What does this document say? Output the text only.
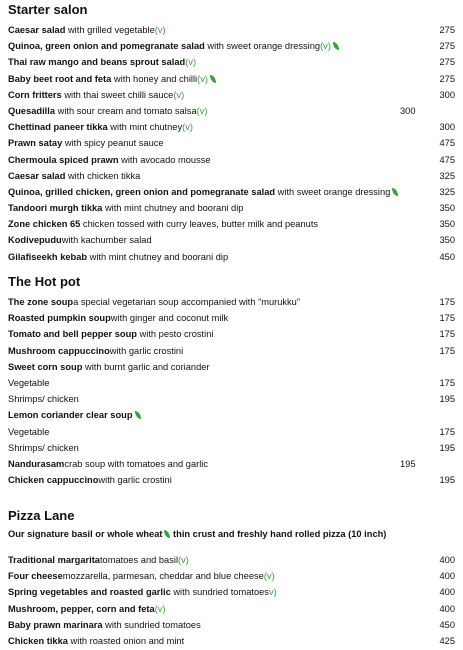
Starter salon
Caesar salad with grilled vegetable(v)	275
Quinoa, green onion and pomegranate salad with sweet orange dressing(v)	275
Thai raw mango and beans sprout salad(v)	275
Baby beet root and feta with honey and chilli(v)	275
Corn fritters with thai sweet chilli sauce(v)	300
Quesadilla with sour cream and tomato salsa(v)	300
Chettinad paneer tikka with mint chutney(v)	300
Prawn satay with spicy peanut sauce	475
Chermoula spiced prawn with avocado mousse	475
Caesar salad with chicken tikka	325
Quinoa, grilled chicken, green onion and pomegranate salad with sweet orange dressing	325
Tandoori murgh tikka with mint chutney and boorani dip	350
Zone chicken 65 chicken tossed with curry leaves, butter milk and peanuts	350
Kodivepuduwith kachumber salad	350
Gilafiseekh kebab with mint chutney and boorani dip	450
The Hot pot
The zone soupa special vegetarian soup accompanied with “murukku”	175
Roasted pumpkin soupwith ginger and coconut milk	175
Tomato and bell pepper soup with pesto crostini	175
Mushroom cappuccinowith garlic crostini	175
Sweet corn soup with burnt garlic and coriander
Vegetable	175
Shrimps/ chicken	195
Lemon coriander clear soup
Vegetable	175
Shrimps/ chicken	195
Nandurasamcrab soup with tomatoes and garlic	195
Chicken cappuccinowith garlic crostini	195
Pizza Lane
Our signature basil or whole wheat thin crust and freshly hand rolled pizza (10 inch)
Traditional margaritatomatoes and basil(v)	400
Four cheesemozzarella, parmesan, cheddar and blue cheese(v)	400
Spring vegetables and roasted garlic with sundried tomatoesv)	400
Mushroom, pepper, corn and feta(v)	400
Baby prawn marinara with sundried tomatoes	450
Chicken tikka with roasted onion and mint	425
